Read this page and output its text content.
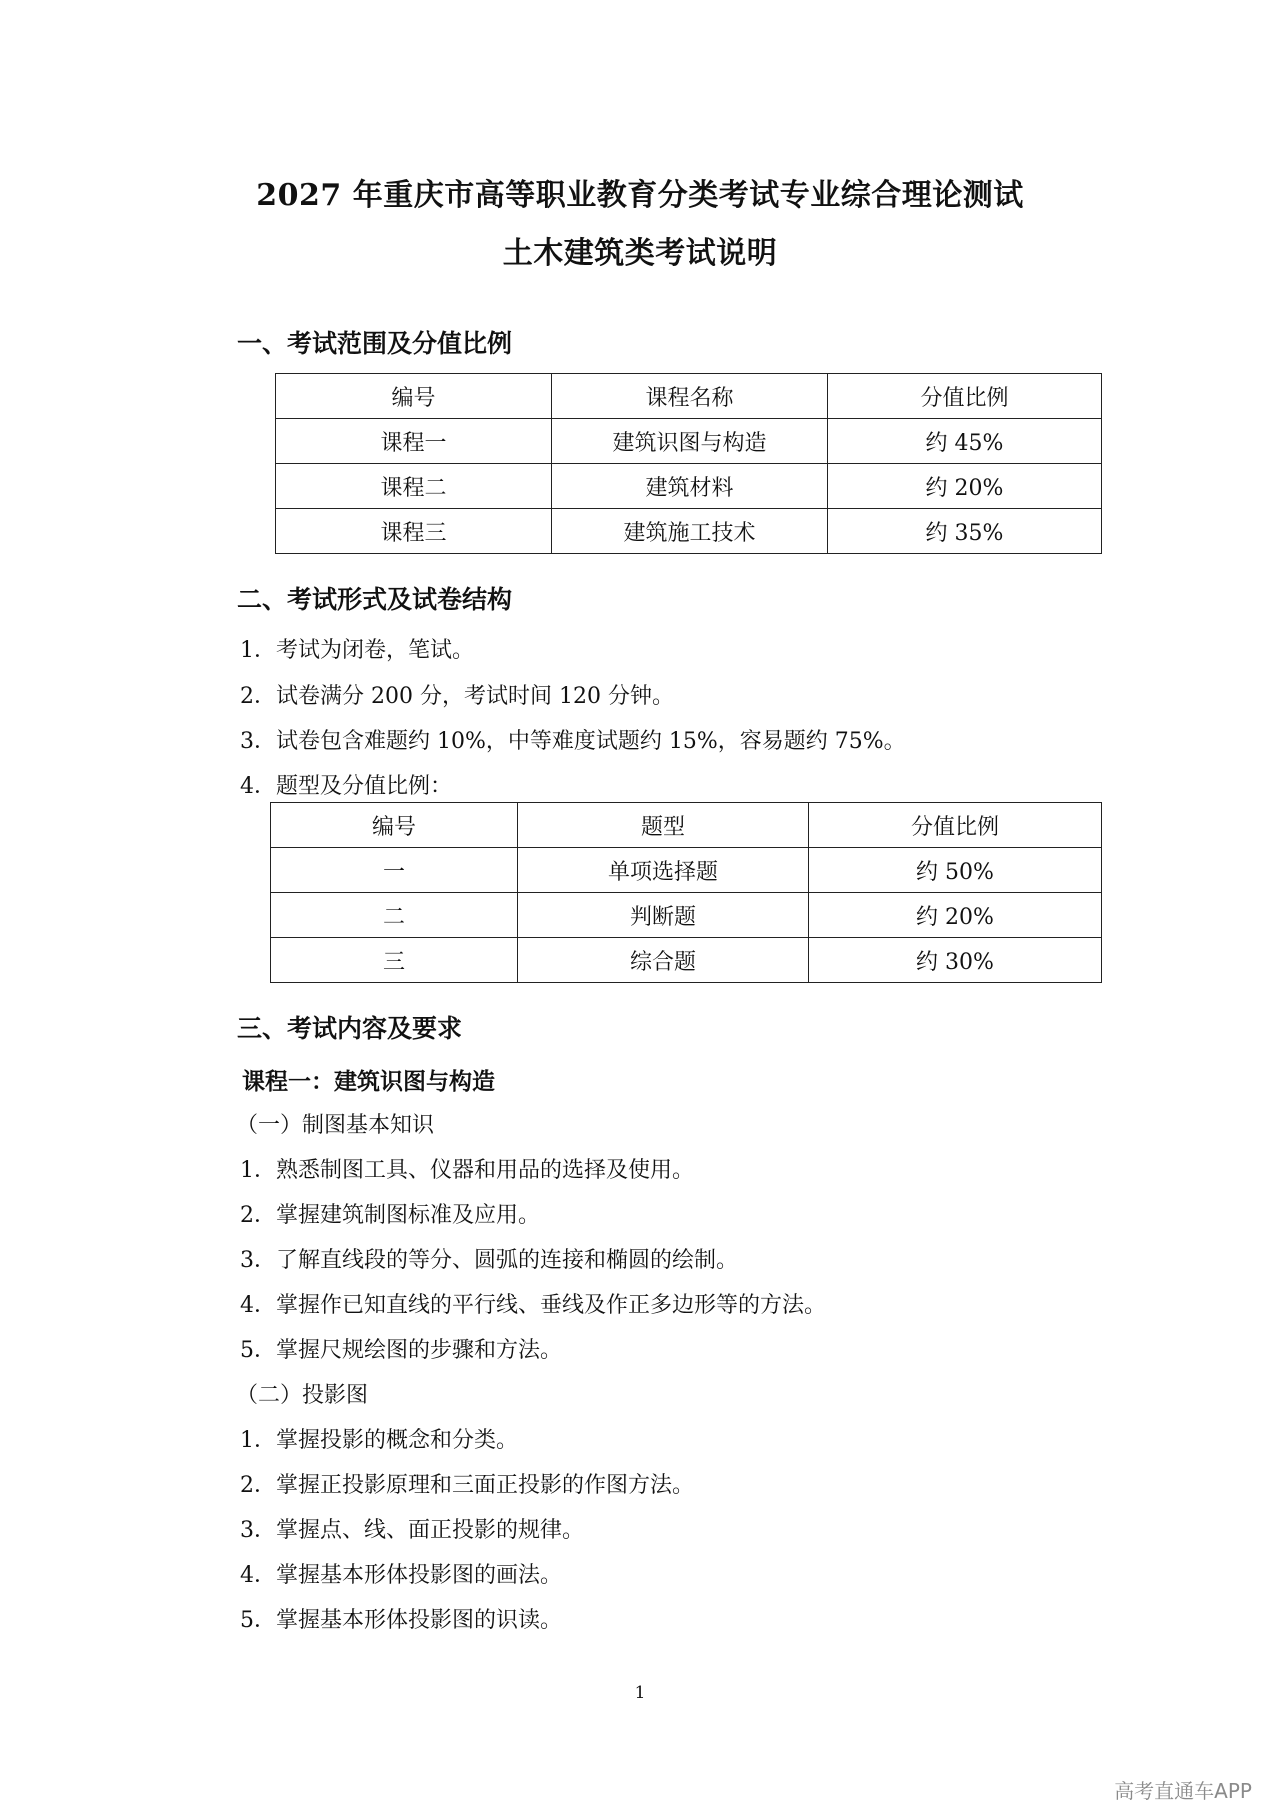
2027 年重庆市高等职业教育分类考试专业综合理论测试
土木建筑类考试说明
一、考试范围及分值比例
编号	课程名称	分值比例
课程一	建筑识图与构造	约 45%
课程二	建筑材料	约 20%
课程三	建筑施工技术	约 35%
二、考试形式及试卷结构
1．考试为闭卷，笔试。
2．试卷满分 200 分，考试时间 120 分钟。
3．试卷包含难题约 10%，中等难度试题约 15%，容易题约 75%。
4．题型及分值比例：
编号	题型	分值比例
一	单项选择题	约 50%
二	判断题	约 20%
三	综合题	约 30%
三、考试内容及要求
课程一：建筑识图与构造
（一）制图基本知识
1．熟悉制图工具、仪器和用品的选择及使用。
2．掌握建筑制图标准及应用。
3．了解直线段的等分、圆弧的连接和椭圆的绘制。
4．掌握作已知直线的平行线、垂线及作正多边形等的方法。
5．掌握尺规绘图的步骤和方法。
（二）投影图
1．掌握投影的概念和分类。
2．掌握正投影原理和三面正投影的作图方法。
3．掌握点、线、面正投影的规律。
4．掌握基本形体投影图的画法。
5．掌握基本形体投影图的识读。
1
高考直通车APP
